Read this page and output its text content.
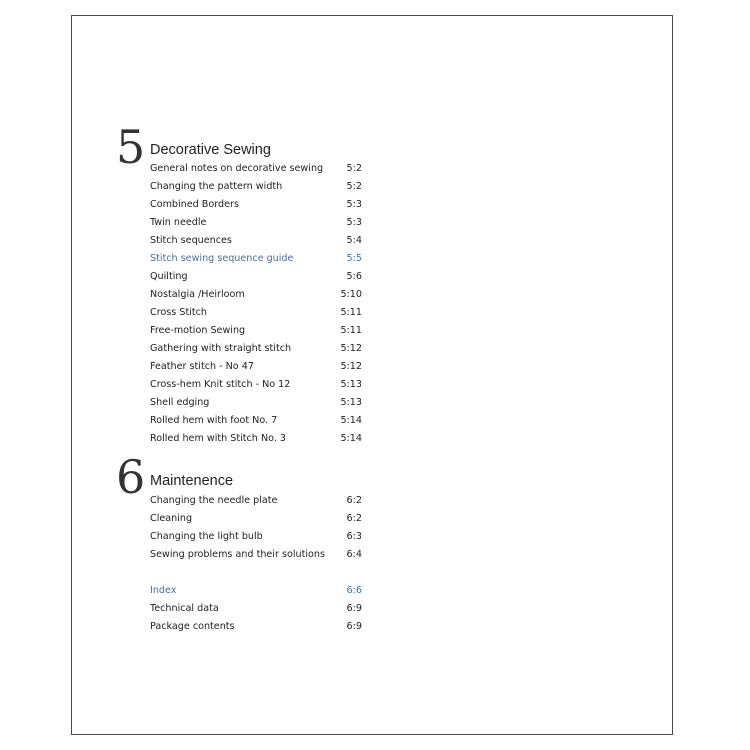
5 Decorative Sewing
General notes on decorative sewing 5:2
Changing the pattern width	5:2
Combined Borders	5:3
Twin needle	5:3
Stitch sequences	5:4
Stitch sewing sequence guide	5:5
Quilting	5:6
Nostalgia /Heirloom	5:10
Cross Stitch	5:11
Free-motion Sewing	5:11
Gathering with straight stitch	5:12
Feather stitch - No 47	5:12
Cross-hem Knit stitch - No 12	5:13
Shell edging	5:13
Rolled hem with foot No. 7	5:14
Rolled hem with Stitch No. 3	5:14
6 Maintenence
Changing the needle plate	6:2
Cleaning	6:2
Changing the light bulb	6:3
Sewing problems and their solutions 6:4
Index	6:6
Technical data	6:9
Package contents	6:9
